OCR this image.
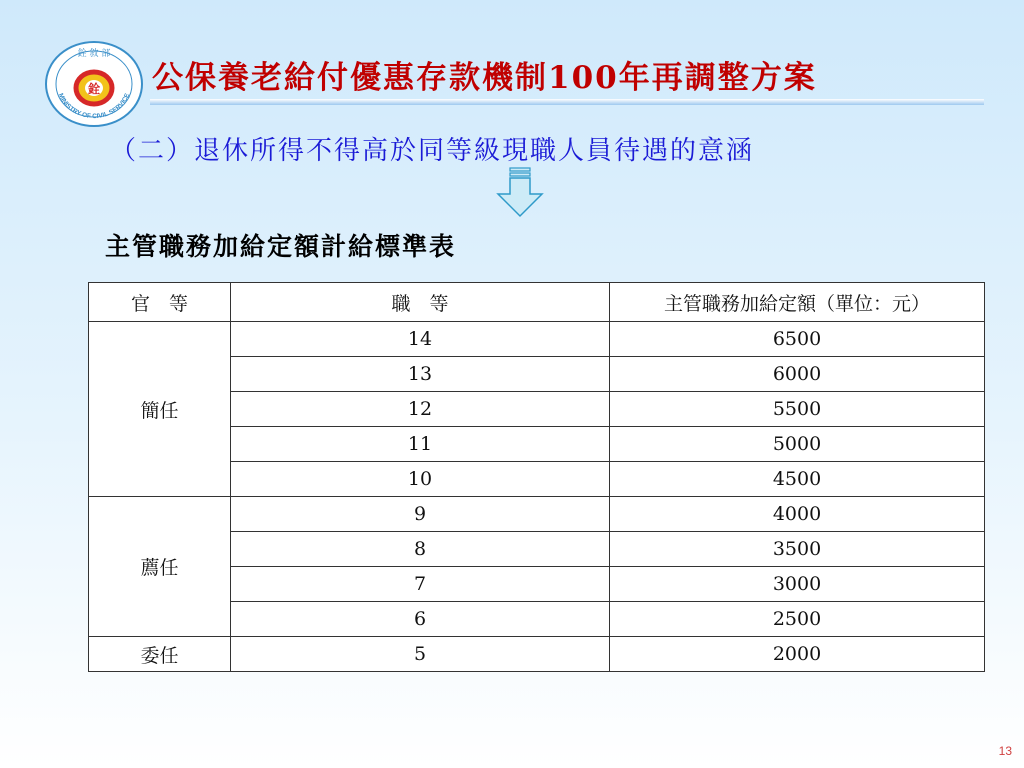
MINISTRY OF CIVIL SERVICE
銓 敘 部
銓 公保養老給付優惠存款機制100年再調整方案
（二）退休所得不得高於同等級現職人員待遇的意涵
主管職務加給定額計給標準表
官　等	職　等	主管職務加給定額（單位：元）
簡任	14	6500
	13	6000
	12	5500
	11	5000
	10	4500
薦任	9	4000
	8	3500
	7	3000
	6	2500
委任	5	2000
13
